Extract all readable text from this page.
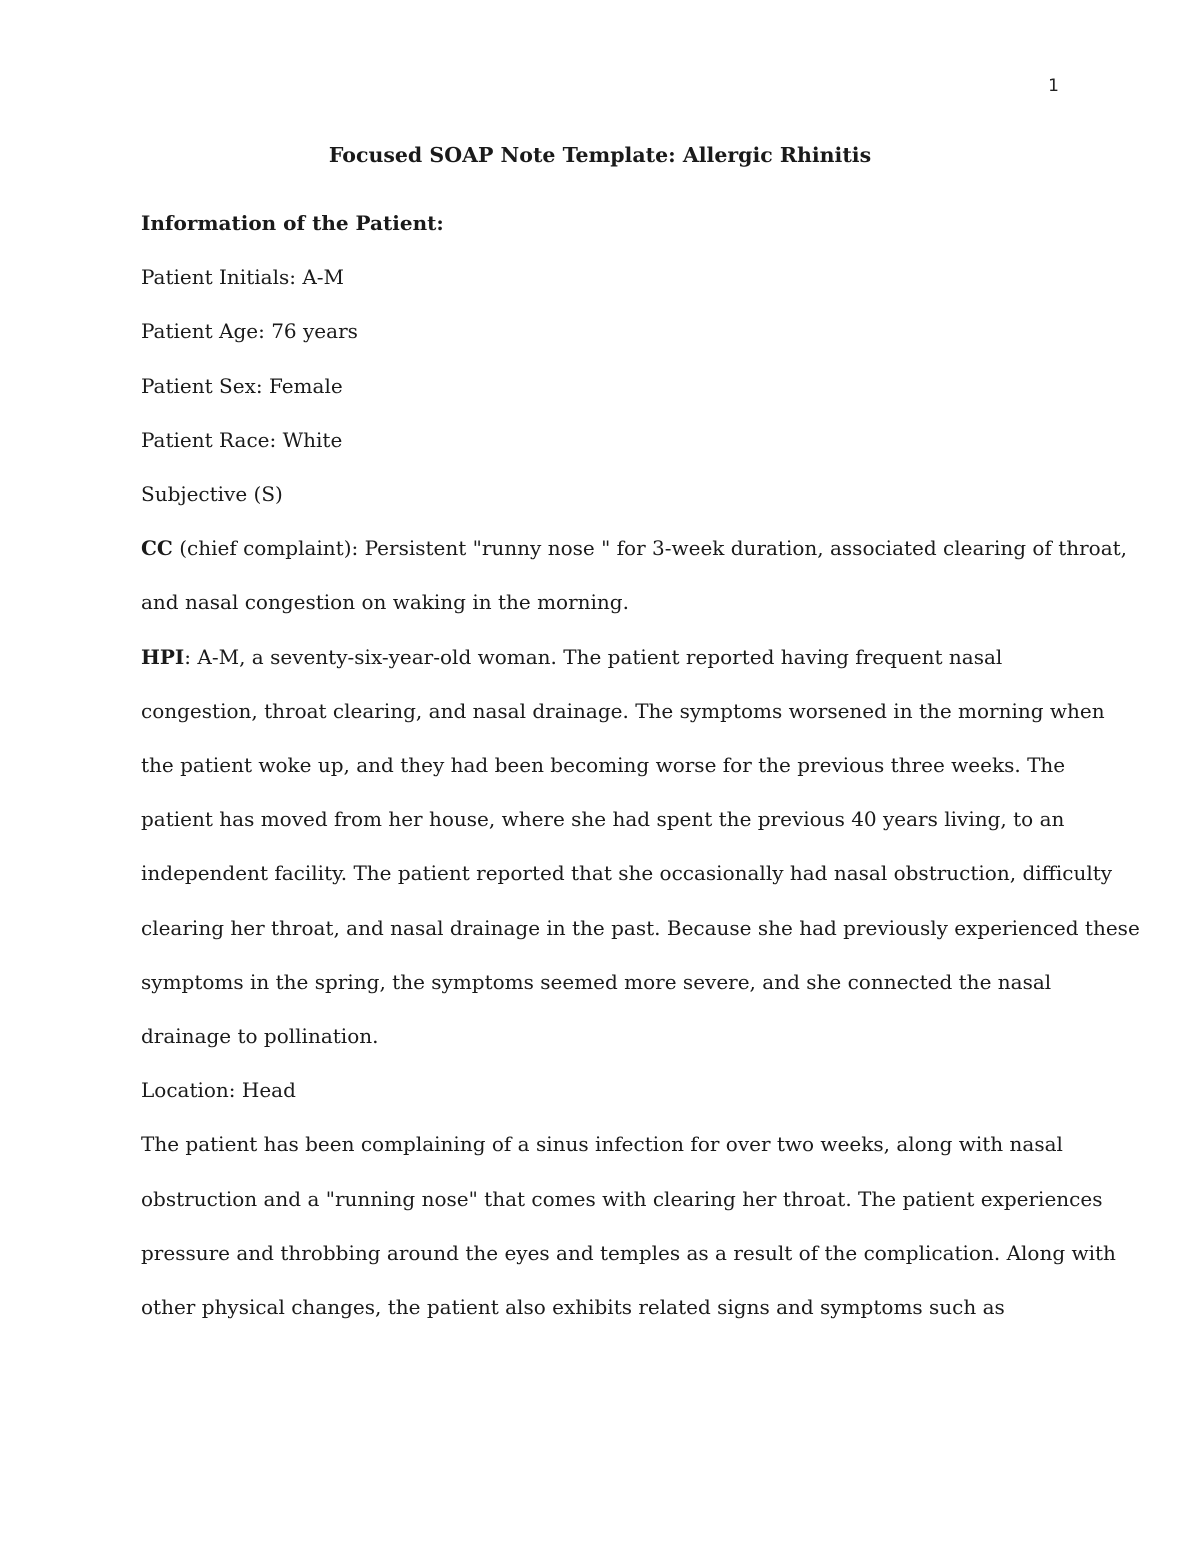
1
Focused SOAP Note Template: Allergic Rhinitis

Information of the Patient:

Patient Initials: A-M

Patient Age: 76 years

Patient Sex: Female

Patient Race: White

Subjective (S)

CC (chief complaint): Persistent "runny nose " for 3-week duration, associated clearing of throat,

and nasal congestion on waking in the morning.

HPI: A-M, a seventy-six-year-old woman. The patient reported having frequent nasal

congestion, throat clearing, and nasal drainage. The symptoms worsened in the morning when

the patient woke up, and they had been becoming worse for the previous three weeks. The

patient has moved from her house, where she had spent the previous 40 years living, to an

independent facility. The patient reported that she occasionally had nasal obstruction, difficulty

clearing her throat, and nasal drainage in the past. Because she had previously experienced these

symptoms in the spring, the symptoms seemed more severe, and she connected the nasal

drainage to pollination.

Location: Head

The patient has been complaining of a sinus infection for over two weeks, along with nasal

obstruction and a "running nose" that comes with clearing her throat. The patient experiences

pressure and throbbing around the eyes and temples as a result of the complication. Along with

other physical changes, the patient also exhibits related signs and symptoms such as
